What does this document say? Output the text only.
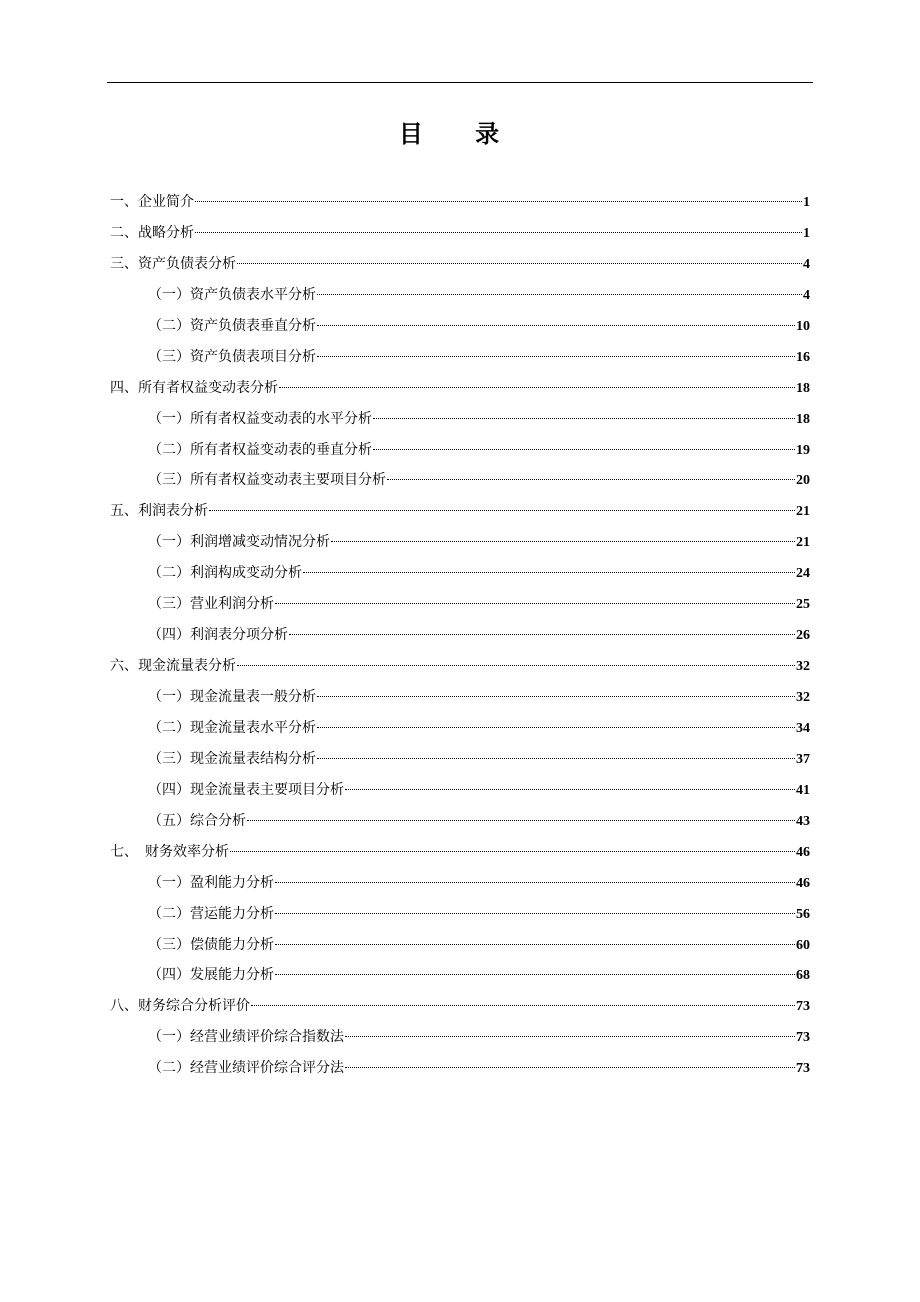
目 录
一、企业简介	1
二、战略分析	1
三、资产负债表分析	4
（一）资产负债表水平分析	4
（二）资产负债表垂直分析	10
（三）资产负债表项目分析	16
四、所有者权益变动表分析	18
（一）所有者权益变动表的水平分析	18
（二）所有者权益变动表的垂直分析	19
（三）所有者权益变动表主要项目分析	20
五、利润表分析	21
（一）利润增减变动情况分析	21
（二）利润构成变动分析	24
（三）营业利润分析	25
（四）利润表分项分析	26
六、现金流量表分析	32
（一）现金流量表一般分析	32
（二）现金流量表水平分析	34
（三）现金流量表结构分析	37
（四）现金流量表主要项目分析	41
（五）综合分析	43
七、　财务效率分析	46
（一）盈利能力分析	46
（二）营运能力分析	56
（三）偿债能力分析	60
（四）发展能力分析	68
八、财务综合分析评价	73
（一）经营业绩评价综合指数法	73
（二）经营业绩评价综合评分法	73
